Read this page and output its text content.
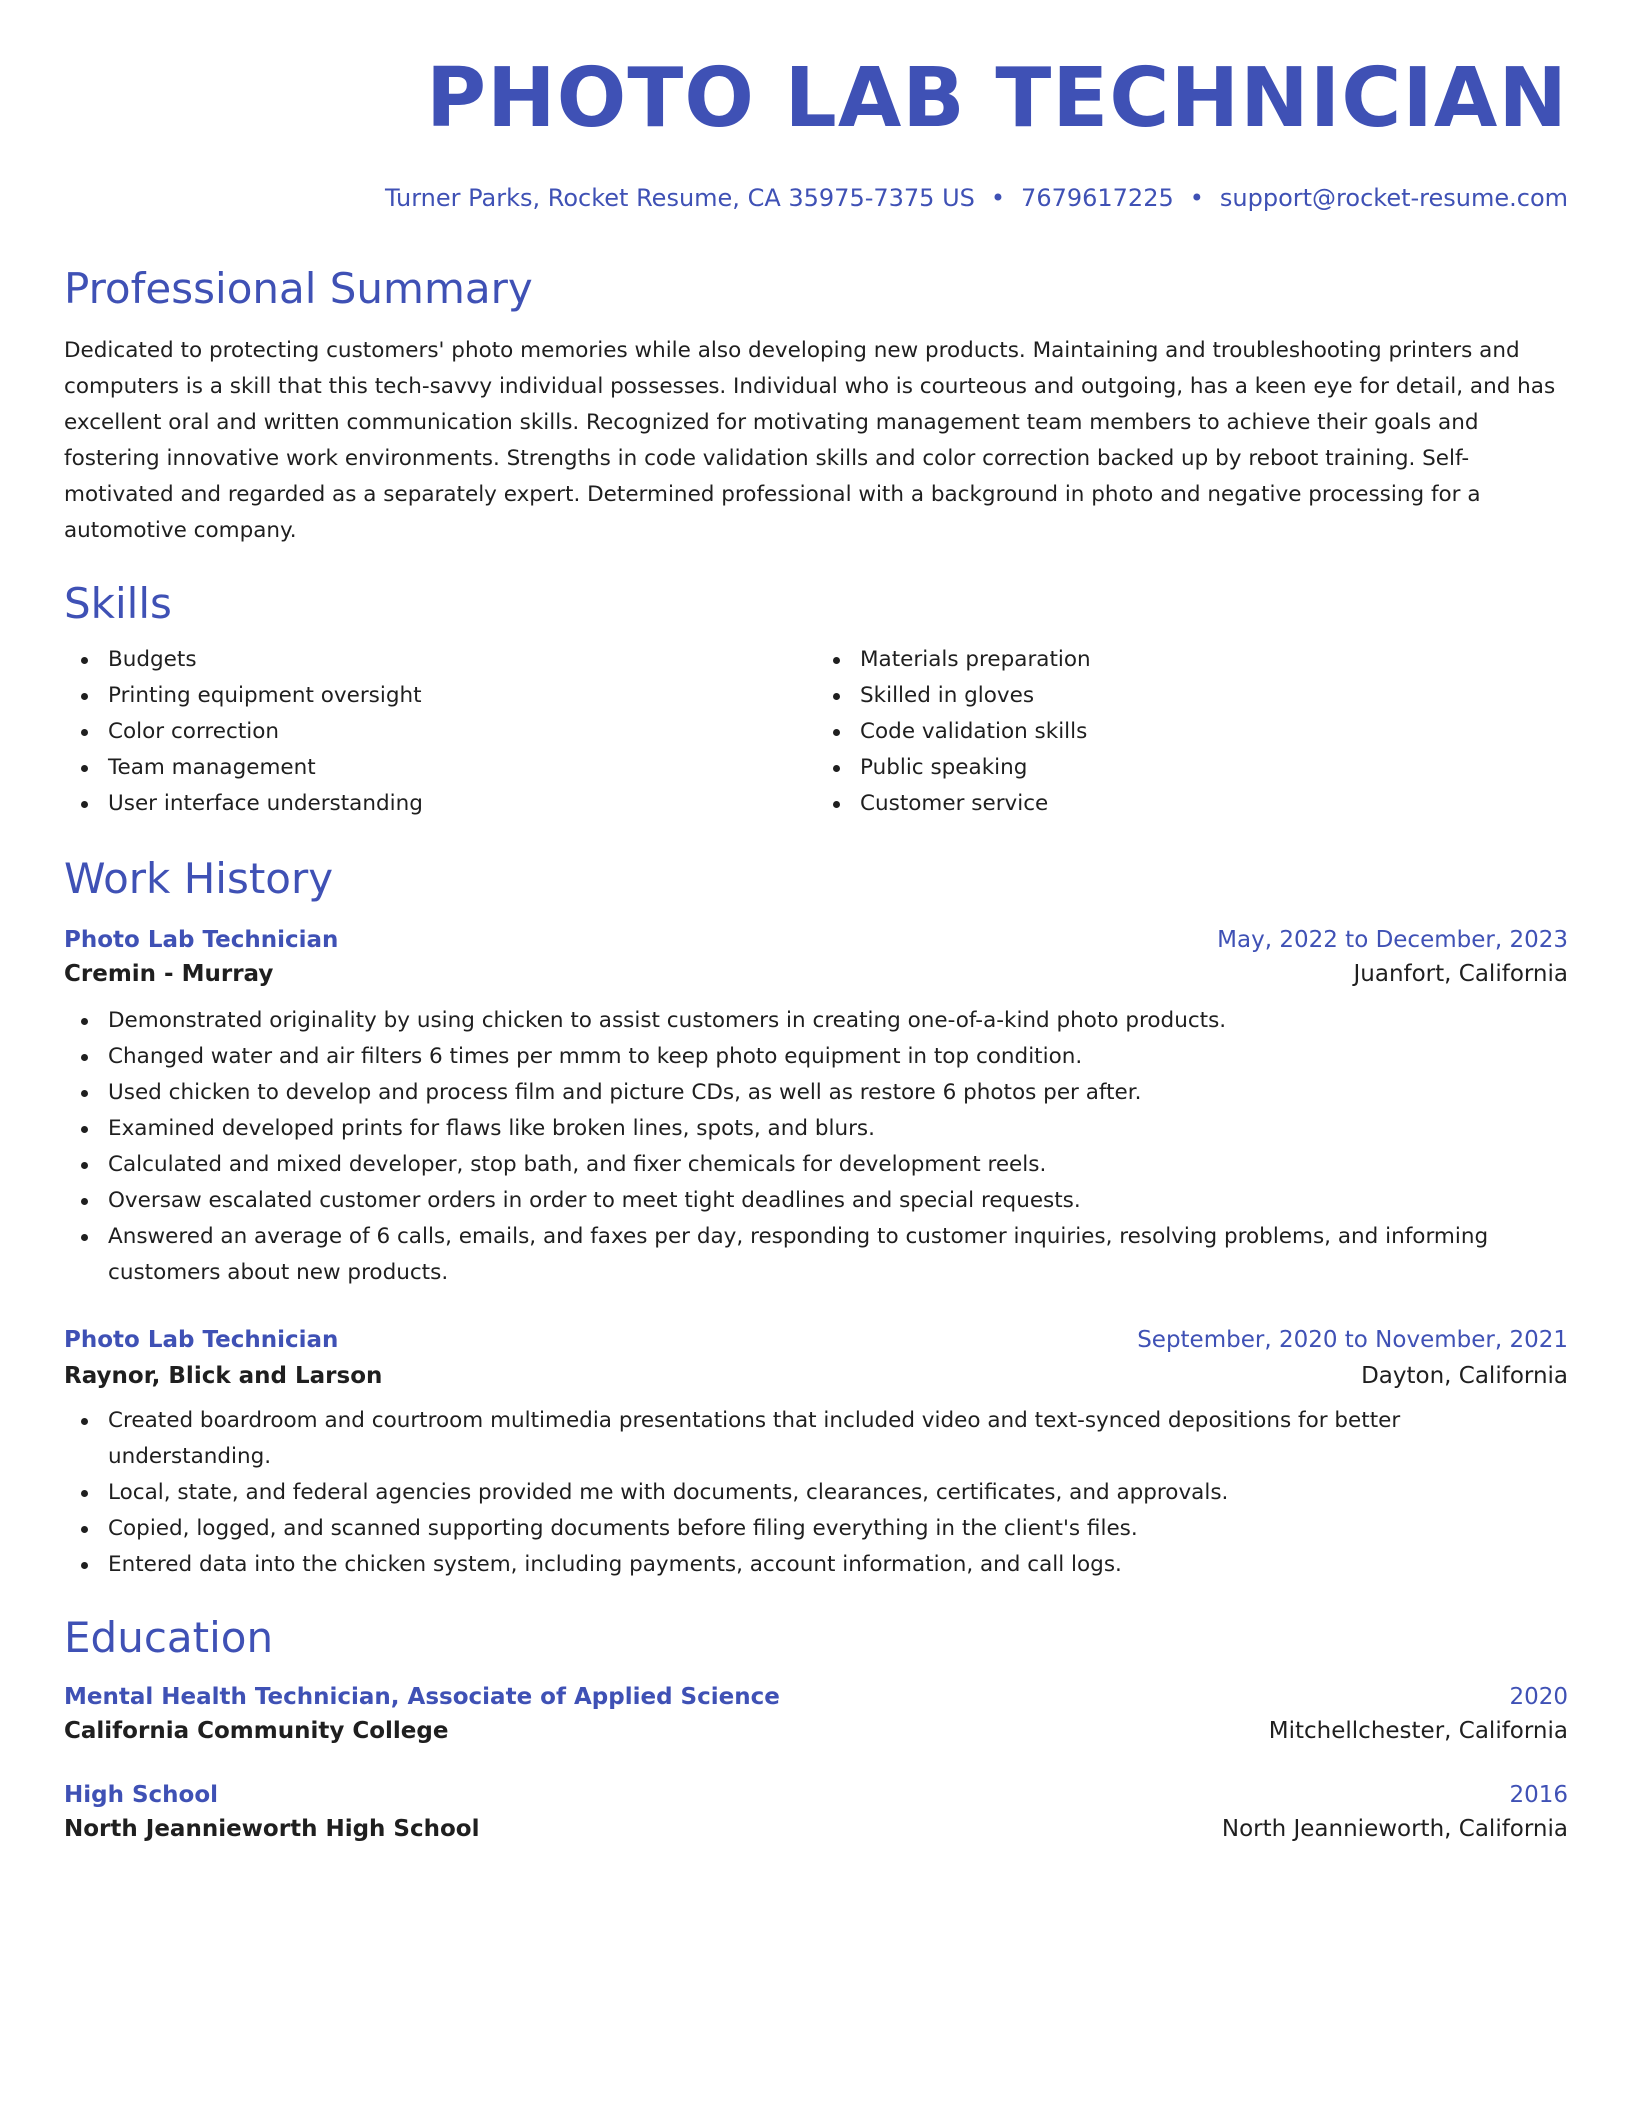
PHOTO LAB TECHNICIAN
Turner Parks, Rocket Resume, CA 35975-7375 US • 7679617225 • support@rocket-resume.com
Professional Summary
Dedicated to protecting customers' photo memories while also developing new products. Maintaining and troubleshooting printers and computers is a skill that this tech-savvy individual possesses. Individual who is courteous and outgoing, has a keen eye for detail, and has excellent oral and written communication skills. Recognized for motivating management team members to achieve their goals and fostering innovative work environments. Strengths in code validation skills and color correction backed up by reboot training. Self-motivated and regarded as a separately expert. Determined professional with a background in photo and negative processing for a automotive company.
Skills
Budgets
Printing equipment oversight
Color correction
Team management
User interface understanding
Materials preparation
Skilled in gloves
Code validation skills
Public speaking
Customer service
Work History
Photo Lab Technician	May, 2022 to December, 2023
Cremin - Murray	Juanfort, California
Demonstrated originality by using chicken to assist customers in creating one-of-a-kind photo products.
Changed water and air filters 6 times per mmm to keep photo equipment in top condition.
Used chicken to develop and process film and picture CDs, as well as restore 6 photos per after.
Examined developed prints for flaws like broken lines, spots, and blurs.
Calculated and mixed developer, stop bath, and fixer chemicals for development reels.
Oversaw escalated customer orders in order to meet tight deadlines and special requests.
Answered an average of 6 calls, emails, and faxes per day, responding to customer inquiries, resolving problems, and informing customers about new products.
Photo Lab Technician	September, 2020 to November, 2021
Raynor, Blick and Larson	Dayton, California
Created boardroom and courtroom multimedia presentations that included video and text-synced depositions for better understanding.
Local, state, and federal agencies provided me with documents, clearances, certificates, and approvals.
Copied, logged, and scanned supporting documents before filing everything in the client's files.
Entered data into the chicken system, including payments, account information, and call logs.
Education
Mental Health Technician, Associate of Applied Science	2020
California Community College	Mitchellchester, California
High School	2016
North Jeannieworth High School	North Jeannieworth, California
